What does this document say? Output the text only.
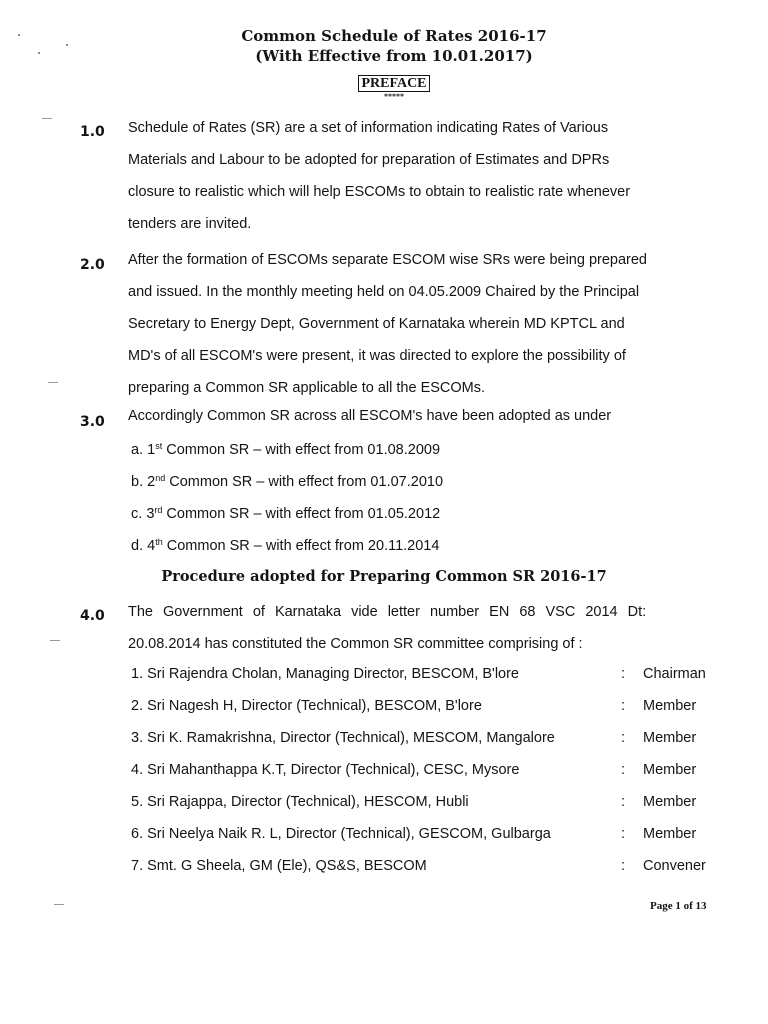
Common Schedule of Rates 2016-17
(With Effective from 10.01.2017)
PREFACE
*****
1.0	Schedule of Rates (SR) are a set of information indicating Rates of Various
Materials and Labour to be adopted for preparation of Estimates and DPRs
closure to realistic which will help ESCOMs to obtain to realistic rate whenever
tenders are invited.
2.0	After the formation of ESCOMs separate ESCOM wise SRs were being prepared
and issued. In the monthly meeting held on 04.05.2009 Chaired by the Principal
Secretary to Energy Dept, Government of Karnataka wherein MD KPTCL and
MD's of all ESCOM's were present, it was directed to explore the possibility of
preparing a Common SR applicable to all the ESCOMs.
3.0	Accordingly Common SR across all ESCOM's have been adopted as under
a. 1st Common SR – with effect from 01.08.2009
b. 2nd Common SR – with effect from 01.07.2010
c. 3rd Common SR – with effect from 01.05.2012
d. 4th Common SR – with effect from 20.11.2014
Procedure adopted for Preparing Common SR 2016-17
4.0	The Government of Karnataka vide letter number EN 68 VSC 2014 Dt:
20.08.2014 has constituted the Common SR committee comprising of :
1. Sri Rajendra Cholan, Managing Director, BESCOM, B'lore	: Chairman
2. Sri Nagesh H, Director (Technical), BESCOM, B'lore	: Member
3. Sri K. Ramakrishna, Director (Technical), MESCOM, Mangalore	: Member
4. Sri Mahanthappa K.T, Director (Technical), CESC, Mysore	: Member
5. Sri Rajappa, Director (Technical), HESCOM, Hubli	: Member
6. Sri Neelya Naik R. L, Director (Technical), GESCOM, Gulbarga	: Member
7. Smt. G Sheela, GM (Ele), QS&S, BESCOM	: Convener
Page 1 of 13
